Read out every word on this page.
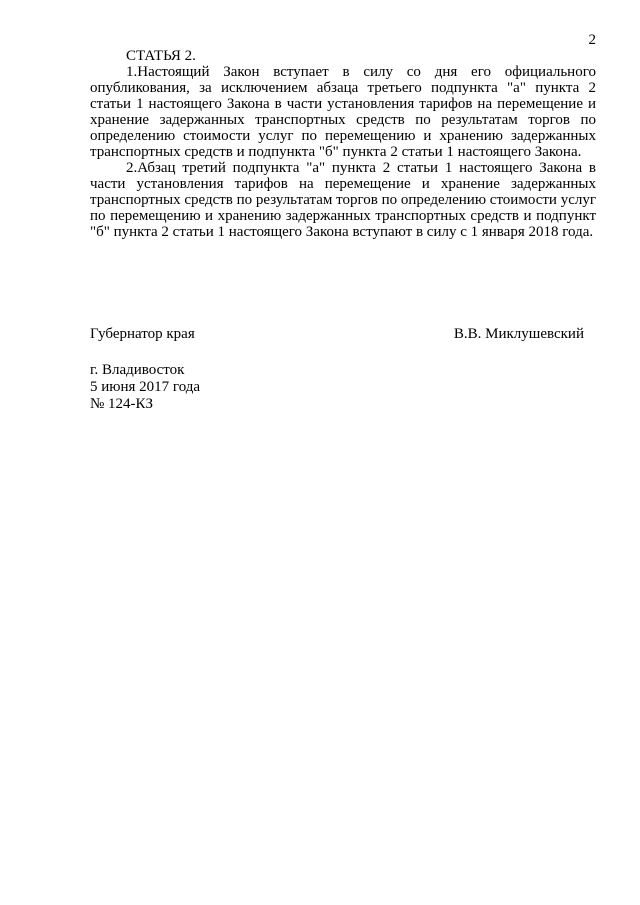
2

СТАТЬЯ 2.

1.Настоящий Закон вступает в силу со дня его официального опубликования, за исключением абзаца третьего подпункта "а" пункта 2 статьи 1 настоящего Закона в части установления тарифов на перемещение и хранение задержанных транспортных средств по результатам торгов по определению стоимости услуг по перемещению и хранению задержанных транспортных средств и подпункта "б" пункта 2 статьи 1 настоящего Закона.

2.Абзац третий подпункта "а" пункта 2 статьи 1 настоящего Закона в части установления тарифов на перемещение и хранение задержанных транспортных средств по результатам торгов по определению стоимости услуг по перемещению и хранению задержанных транспортных средств и подпункт "б" пункта 2 статьи 1 настоящего Закона вступают в силу с 1 января 2018 года.

Губернатор края	В.В. Миклушевский
г. Владивосток
5 июня 2017 года
№ 124-КЗ
